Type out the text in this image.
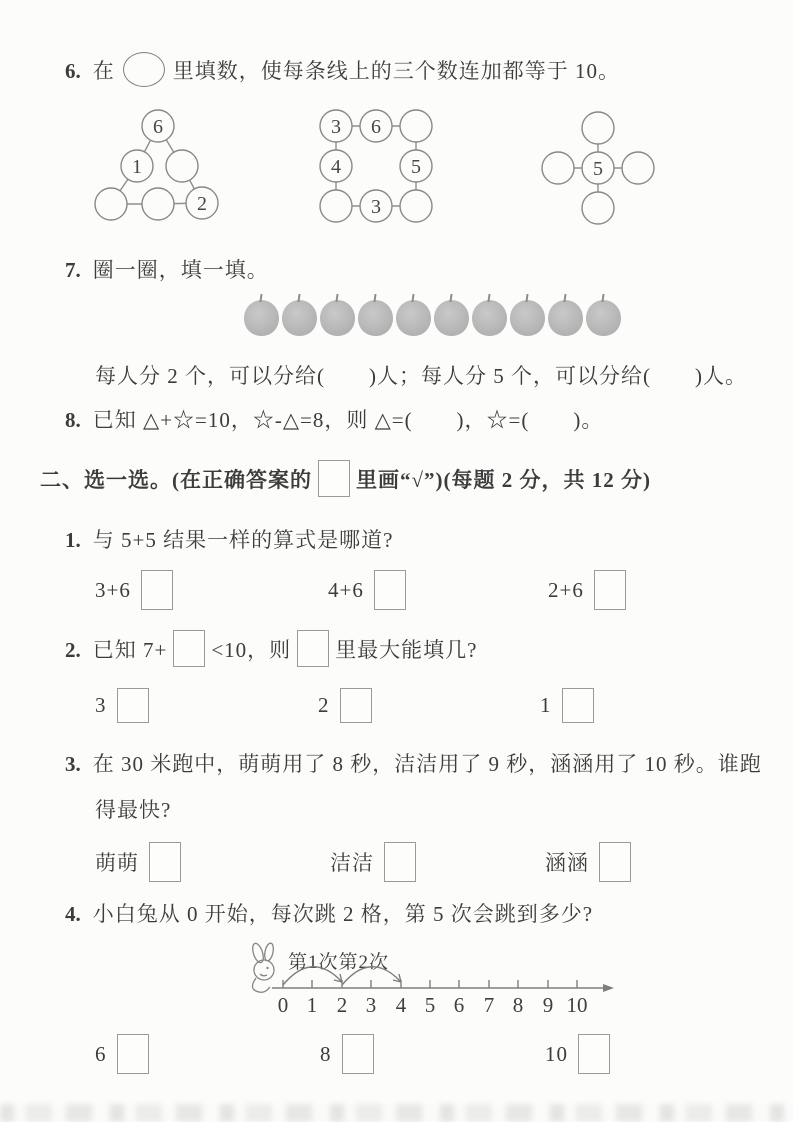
6. 在	里填数，使每条线上的三个数连加都等于 10。
6
1
2
3 6
4	5
3
5
7. 圈一圈，填一填。
每人分 2 个，可以分给(　　)人；每人分 5 个，可以分给(　　)人。
8. 已知 △+☆=10，☆-△=8，则 △=(　　)，☆=(　　)。
二、选一选。(在正确答案的 里画“√”)(每题 2 分，共 12 分)
1. 与 5+5 结果一样的算式是哪道?
3+6	4+6	2+6
2. 已知 7+ <10，则 里最大能填几?
3	2	1
3. 在 30 米跑中，萌萌用了 8 秒，洁洁用了 9 秒，涵涵用了 10 秒。谁跑
得最快?
萌萌	洁洁	涵涵
4. 小白兔从 0 开始，每次跳 2 格，第 5 次会跳到多少?
第1次第2次
0 1 2 3 4 5 6 7 8 9 10
6	8	10
